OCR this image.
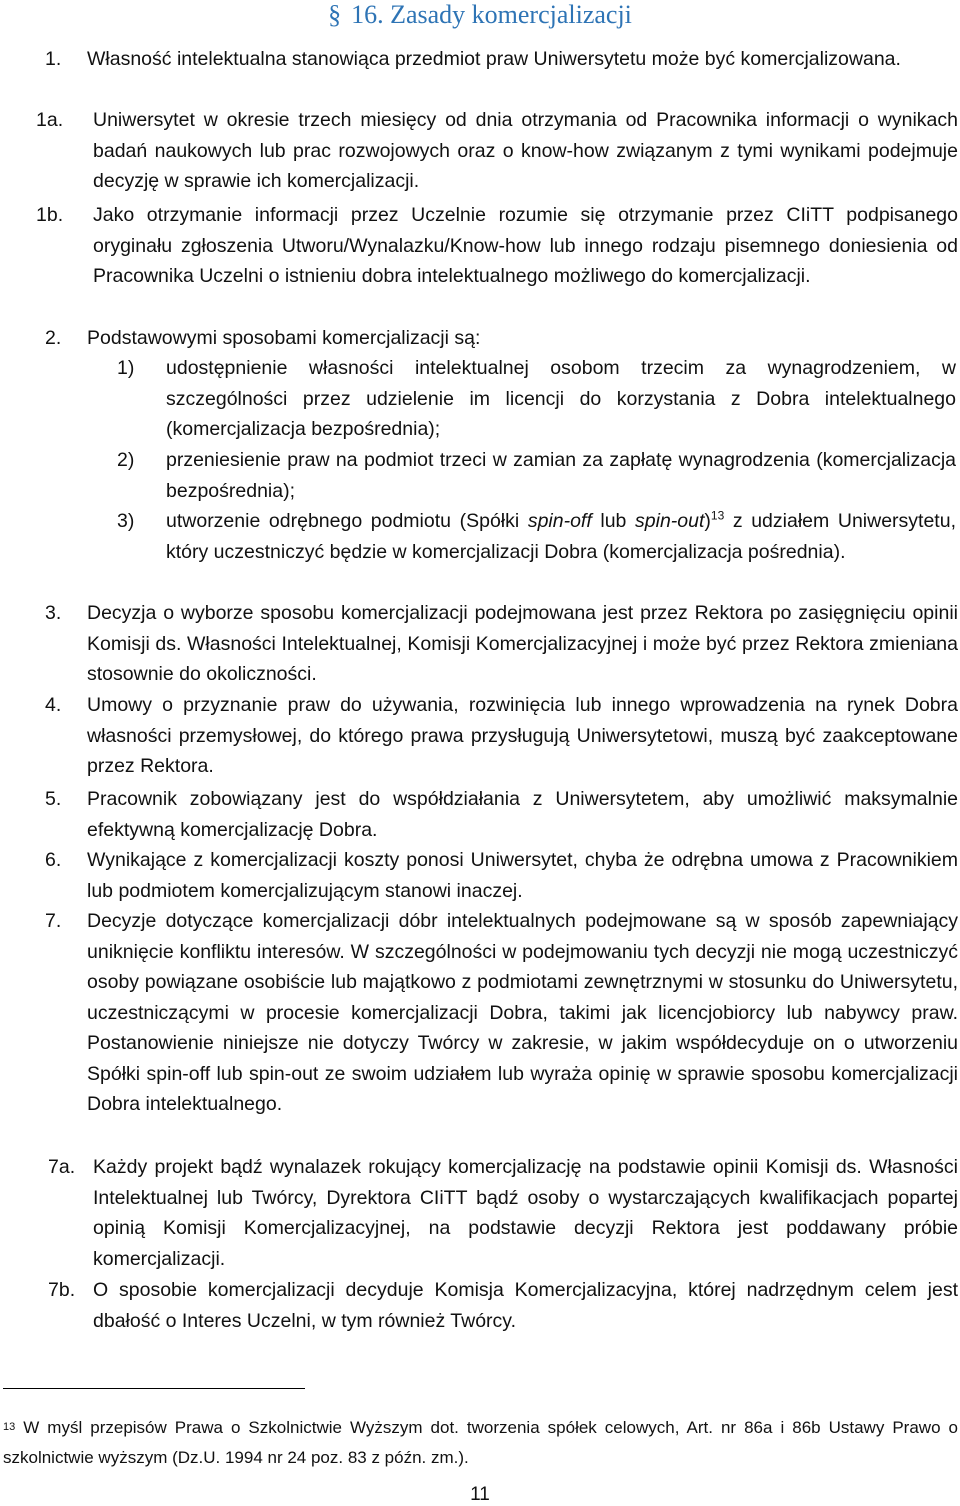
§ 16. Zasady komercjalizacji
1. Własność intelektualna stanowiąca przedmiot praw Uniwersytetu może być komercjalizowana.
1a. Uniwersytet w okresie trzech miesięcy od dnia otrzymania od Pracownika informacji o wynikach badań naukowych lub prac rozwojowych oraz o know-how związanym z tymi wynikami podejmuje decyzję w sprawie ich komercjalizacji.
1b. Jako otrzymanie informacji przez Uczelnie rozumie się otrzymanie przez CIiTT podpisanego oryginału zgłoszenia Utworu/Wynalazku/Know-how lub innego rodzaju pisemnego doniesienia od Pracownika Uczelni o istnieniu dobra intelektualnego możliwego do komercjalizacji.
2. Podstawowymi sposobami komercjalizacji są:
1) udostępnienie własności intelektualnej osobom trzecim za wynagrodzeniem, w szczególności przez udzielenie im licencji do korzystania z Dobra intelektualnego (komercjalizacja bezpośrednia);
2) przeniesienie praw na podmiot trzeci w zamian za zapłatę wynagrodzenia (komercjalizacja bezpośrednia);
3) utworzenie odrębnego podmiotu (Spółki spin-off lub spin-out)$^{13}$ z udziałem Uniwersytetu, który uczestniczyć będzie w komercjalizacji Dobra (komercjalizacja pośrednia).
3. Decyzja o wyborze sposobu komercjalizacji podejmowana jest przez Rektora po zasięgnięciu opinii Komisji ds. Własności Intelektualnej, Komisji Komercjalizacyjnej i może być przez Rektora zmieniana stosownie do okoliczności.
4. Umowy o przyznanie praw do używania, rozwinięcia lub innego wprowadzenia na rynek Dobra własności przemysłowej, do którego prawa przysługują Uniwersytetowi, muszą być zaakceptowane przez Rektora.
5. Pracownik zobowiązany jest do współdziałania z Uniwersytetem, aby umożliwić maksymalnie efektywną komercjalizację Dobra.
6. Wynikające z komercjalizacji koszty ponosi Uniwersytet, chyba że odrębna umowa z Pracownikiem lub podmiotem komercjalizującym stanowi inaczej.
7. Decyzje dotyczące komercjalizacji dóbr intelektualnych podejmowane są w sposób zapewniający uniknięcie konfliktu interesów. W szczególności w podejmowaniu tych decyzji nie mogą uczestniczyć osoby powiązane osobiście lub majątkowo z podmiotami zewnętrznymi w stosunku do Uniwersytetu, uczestniczącymi w procesie komercjalizacji Dobra, takimi jak licencjobiorcy lub nabywcy praw. Postanowienie niniejsze nie dotyczy Twórcy w zakresie, w jakim współdecyduje on o utworzeniu Spółki spin-off lub spin-out ze swoim udziałem lub wyraża opinię w sprawie sposobu komercjalizacji Dobra intelektualnego.
7a. Każdy projekt bądź wynalazek rokujący komercjalizację na podstawie opinii Komisji ds. Własności Intelektualnej lub Twórcy, Dyrektora CIiTT bądź osoby o wystarczających kwalifikacjach popartej opinią Komisji Komercjalizacyjnej, na podstawie decyzji Rektora jest poddawany próbie komercjalizacji.
7b. O sposobie komercjalizacji decyduje Komisja Komercjalizacyjna, której nadrzędnym celem jest dbałość o Interes Uczelni, w tym również Twórcy.
$^{13}$ W myśl przepisów Prawa o Szkolnictwie Wyższym dot. tworzenia spółek celowych, Art. nr 86a i 86b Ustawy Prawo o szkolnictwie wyższym (Dz.U. 1994 nr 24 poz. 83 z późn. zm.).
11
